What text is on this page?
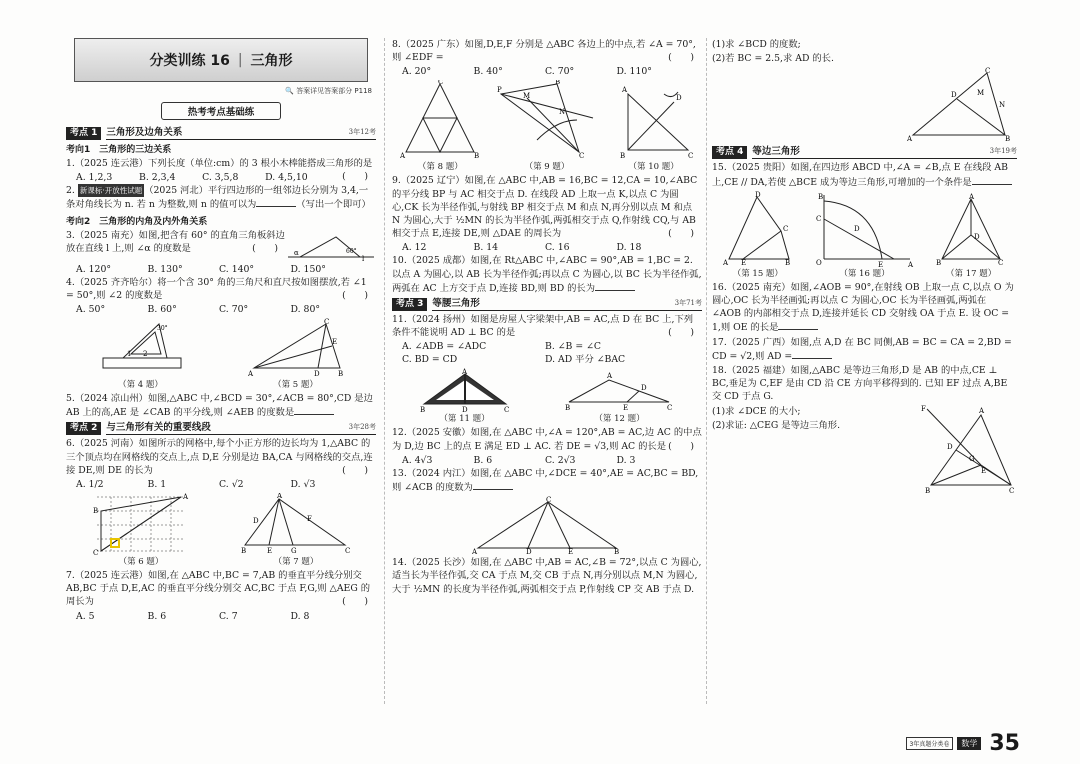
分类训练 16 | 三角形
🔍 答案详见答案部分 P118
热考考点基础练
考点 1 三角形及边角关系	3年12考
考向1　三角形的三边关系
1.（2025 连云港）下列长度（单位:cm）的 3 根小木棒能搭成三角形的是
(　　)
A. 1,2,3	B. 2,3,4	C. 3,5,8	D. 4,5,10
2. 新课标·开放性试题 （2025 河北）平行四边形的一组邻边长分别为 3,4,一条对角线长为 n. 若 n 为整数,则 n 的值可以为	（写出一个即可）
考向2　三角形的内角及内外角关系
3.（2025 南充）如图,把含有 60° 的直角三角板斜边放在直线 l 上,则 ∠α 的度数是	(　　)
l
α	60°
A. 120°	B. 130°	C. 140°	D. 150°
4.（2025 齐齐哈尔）将一个含 30° 角的三角尺和直尺按如图摆放,若 ∠1 = 50°,则 ∠2 的度数是	(　　)
A. 50°	B. 60°	C. 70°	D. 80°
1 2
30°
（第 4 题）
A
C
D	B
E
（第 5 题）
5.（2024 凉山州）如图,△ABC 中,∠BCD = 30°,∠ACB = 80°,CD 是边 AB 上的高,AE 是 ∠CAB 的平分线,则 ∠AEB 的度数是
考点 2 与三角形有关的重要线段	3年28考
6.（2025 河南）如图所示的网格中,每个小正方形的边长均为 1,△ABC 的三个顶点均在网格线的交点上,点 D,E 分别是边 BA,CA 与网格线的交点,连接 DE,则 DE 的长为	(　　)
A. 1/2	B. 1	C. √2	D. √3
B
A
C
（第 6 题）
B
A
C
E	G
D	F
（第 7 题）
7.（2025 连云港）如图,在 △ABC 中,BC = 7,AB 的垂直平分线分别交 AB,BC 于点 D,E,AC 的垂直平分线分别交 AC,BC 于点 F,G,则 △AEG 的周长为	(　　)
A. 5	B. 6	C. 7	D. 8
8.（2025 广东）如图,D,E,F 分别是 △ABC 各边上的中点,若 ∠A = 70°,则 ∠EDF =	(　　)
A. 20°	B. 40°	C. 70°	D. 110°
C
A	B
（第 8 题）
P
B
C
M
N
（第 9 题）
A
B	C
D
（第 10 题）
9.（2025 辽宁）如图,在 △ABC 中,AB = 16,BC = 12,CA = 10,∠ABC 的平分线 BP 与 AC 相交于点 D. 在线段 AD 上取一点 K,以点 C 为圆心,CK 长为半径作弧,与射线 BP 相交于点 M 和点 N,再分别以点 M 和点 N 为圆心,大于 ½MN 的长为半径作弧,两弧相交于点 Q,作射线 CQ,与 AB 相交于点 E,连接 DE,则 △DAE 的周长为	(　　)
A. 12	B. 14	C. 16	D. 18
10.（2025 成都）如图,在 Rt△ABC 中,∠ABC = 90°,AB = 1,BC = 2. 以点 A 为圆心,以 AB 长为半径作弧;再以点 C 为圆心,以 BC 长为半径作弧,两弧在 AC 上方交于点 D,连接 BD,则 BD 的长为
考点 3 等腰三角形	3年71考
11.（2024 扬州）如图是房屋人字梁架中,AB = AC,点 D 在 BC 上,下列条件不能说明 AD ⊥ BC 的是	(　　)
A. ∠ADB = ∠ADC	B. ∠B = ∠C
C. BD = CD	D. AD 平分 ∠BAC
A
B	D	C
（第 11 题）
A
B	E	C
D
（第 12 题）
12.（2025 安徽）如图,在 △ABC 中,∠A = 120°,AB = AC,边 AC 的中点为 D,边 BC 上的点 E 满足 ED ⊥ AC. 若 DE = √3,则 AC 的长是 (　　)
A. 4√3	B. 6	C. 2√3	D. 3
13.（2024 内江）如图,在 △ABC 中,∠DCE = 40°,AE = AC,BC = BD,则 ∠ACB 的度数为
C
A	D	E	B
14.（2025 长沙）如图,在 △ABC 中,AB = AC,∠B = 72°,以点 C 为圆心,适当长为半径作弧,交 CA 于点 M,交 CB 于点 N,再分别以点 M,N 为圆心,大于 ½MN 的长度为半径作弧,两弧相交于点 P,作射线 CP 交 AB 于点 D.
(1)求 ∠BCD 的度数;
(2)若 BC = 2.5,求 AD 的长.
C
A	B
D	M
N
考点 4 等边三角形	3年19考
15.（2025 贵阳）如图,在四边形 ABCD 中,∠A = ∠B,点 E 在线段 AB 上,CE // DA,若使 △BCE 成为等边三角形,可增加的一个条件是
A
D
C
B
E
（第 15 题）
B
O	E	A
C
D
（第 16 题）
A
B	C
D
（第 17 题）
16.（2025 南充）如图,∠AOB = 90°,在射线 OB 上取一点 C,以点 O 为圆心,OC 长为半径画弧;再以点 C 为圆心,OC 长为半径画弧,两弧在 ∠AOB 的内部相交于点 D,连接并延长 CD 交射线 OA 于点 E. 设 OC = 1,则 OE 的长是
17.（2025 广西）如图,点 A,D 在 BC 同侧,AB = BC = CA = 2,BD = CD = √2,则 AD =
18.（2025 福建）如图,△ABC 是等边三角形,D 是 AB 的中点,CE ⊥ BC,垂足为 C,EF 是由 CD 沿 CE 方向平移得到的. 已知 EF 过点 A,BE 交 CD 于点 G.
(1)求 ∠DCE 的大小;
(2)求证: △CEG 是等边三角形.
F	A
D
E
G
B	C
3年真题分类卷	数学 35
